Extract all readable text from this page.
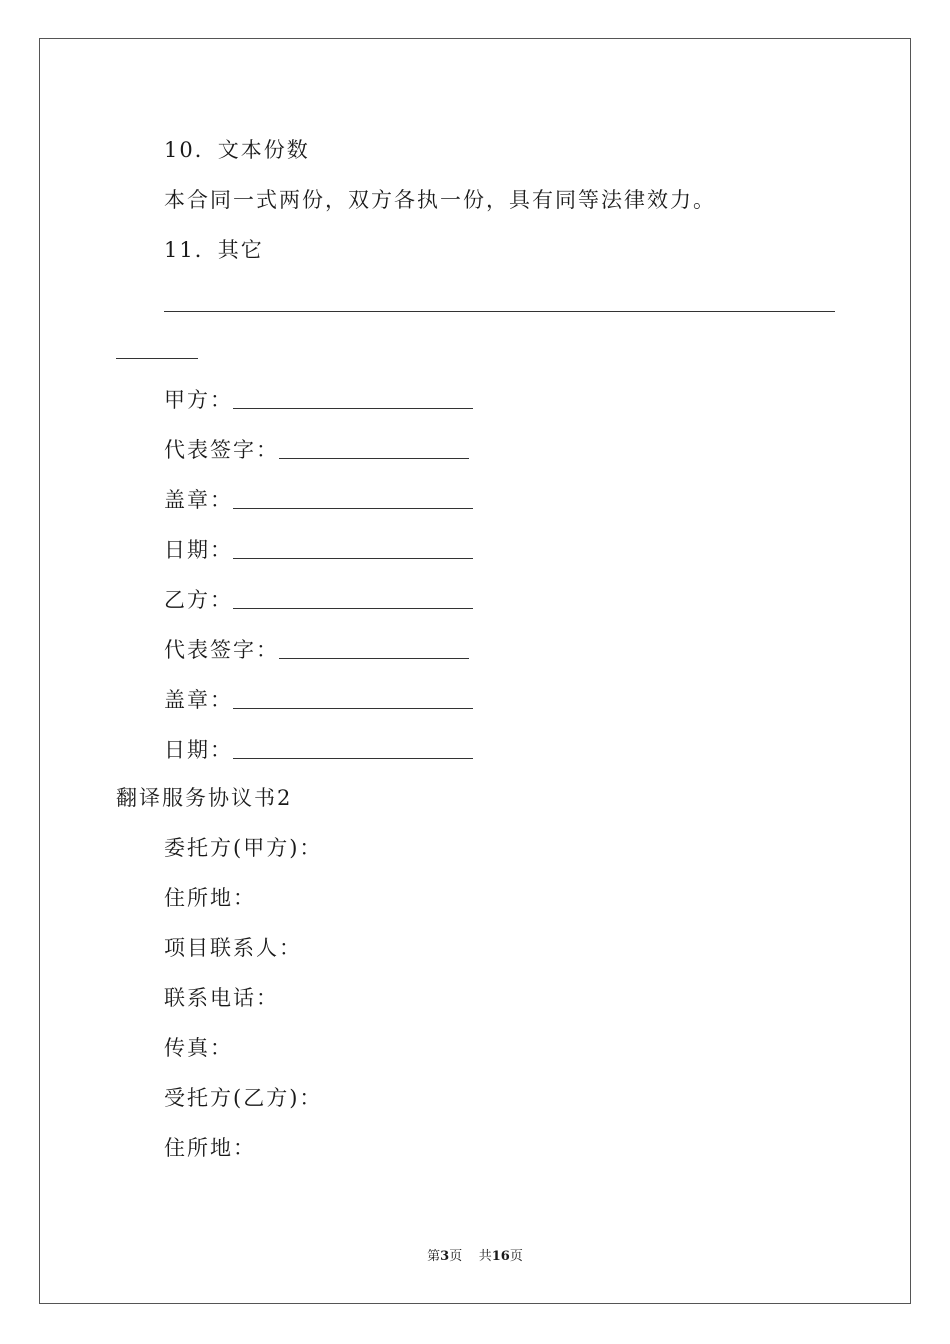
10．文本份数
本合同一式两份，双方各执一份，具有同等法律效力。
11．其它
甲方：
代表签字：
盖章：
日期：
乙方：
代表签字：
盖章：
日期：
翻译服务协议书2
委托方(甲方)：
住所地：
项目联系人：
联系电话：
传真：
受托方(乙方)：
住所地：
第3页 共16页
